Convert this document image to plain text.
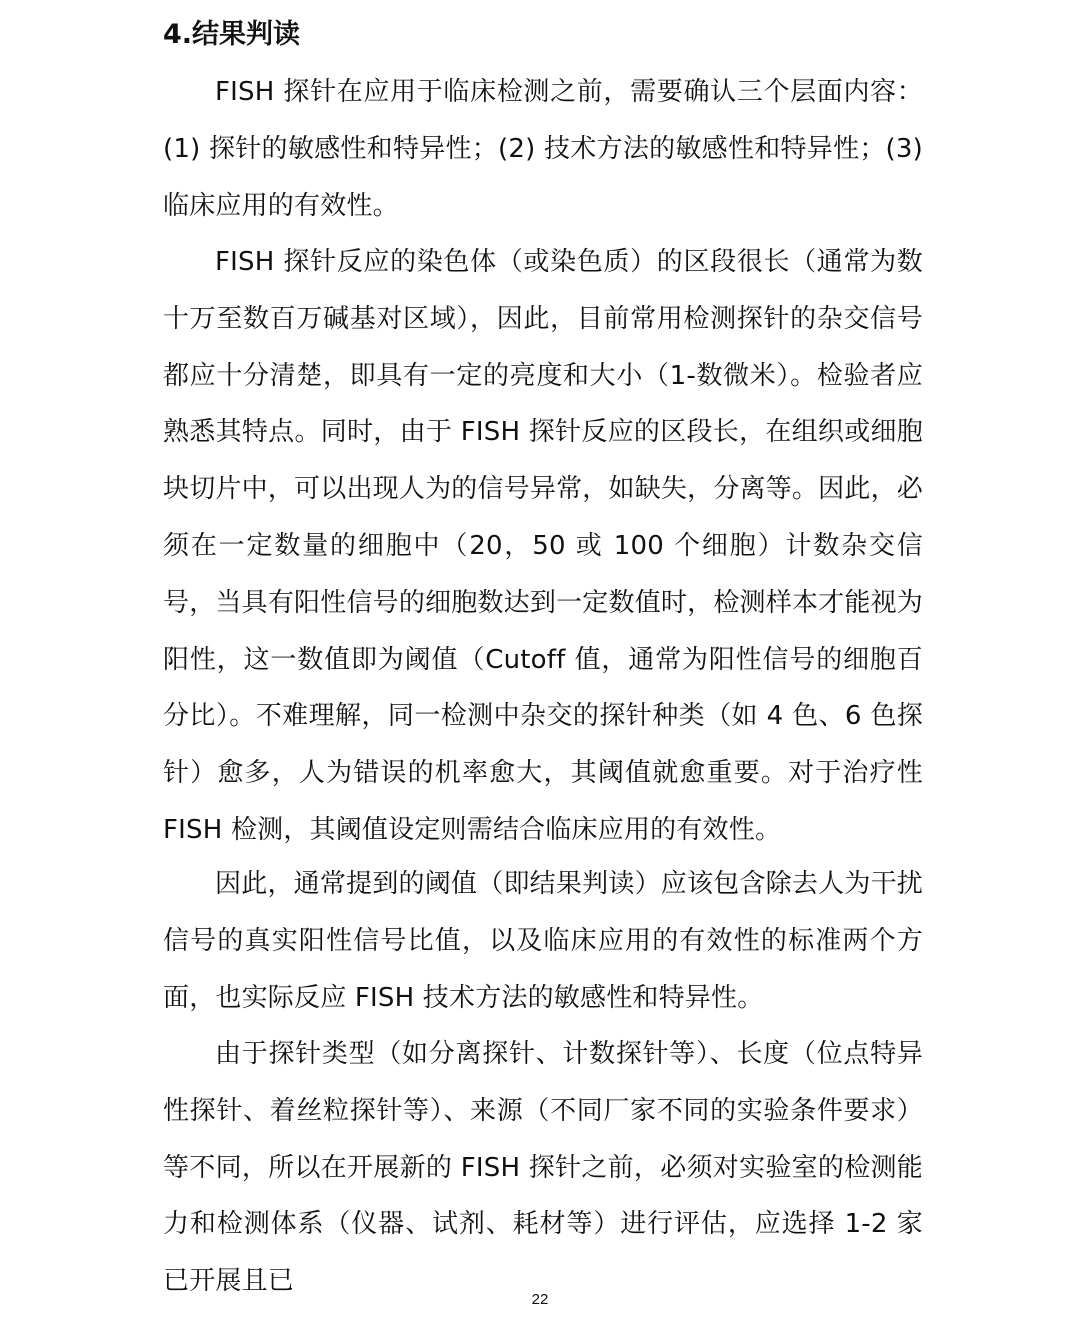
4.结果判读

FISH 探针在应用于临床检测之前，需要确认三个层面内容：(1) 探针的敏感性和特异性；(2) 技术方法的敏感性和特异性；(3) 临床应用的有效性。

FISH 探针反应的染色体（或染色质）的区段很长（通常为数十万至数百万碱基对区域），因此，目前常用检测探针的杂交信号都应十分清楚，即具有一定的亮度和大小（1-数微米）。检验者应熟悉其特点。同时，由于 FISH 探针反应的区段长，在组织或细胞块切片中，可以出现人为的信号异常，如缺失，分离等。因此，必须在一定数量的细胞中（20，50 或 100 个细胞）计数杂交信号，当具有阳性信号的细胞数达到一定数值时，检测样本才能视为阳性，这一数值即为阈值（Cutoff 值，通常为阳性信号的细胞百分比）。不难理解，同一检测中杂交的探针种类（如 4 色、6 色探针）愈多，人为错误的机率愈大，其阈值就愈重要。对于治疗性 FISH 检测，其阈值设定则需结合临床应用的有效性。

因此，通常提到的阈值（即结果判读）应该包含除去人为干扰信号的真实阳性信号比值，以及临床应用的有效性的标准两个方面，也实际反应 FISH 技术方法的敏感性和特异性。

由于探针类型（如分离探针、计数探针等）、长度（位点特异性探针、着丝粒探针等）、来源（不同厂家不同的实验条件要求）等不同，所以在开展新的 FISH 探针之前，必须对实验室的检测能力和检测体系（仪器、试剂、耗材等）进行评估，应选择 1-2 家已开展且已

22
